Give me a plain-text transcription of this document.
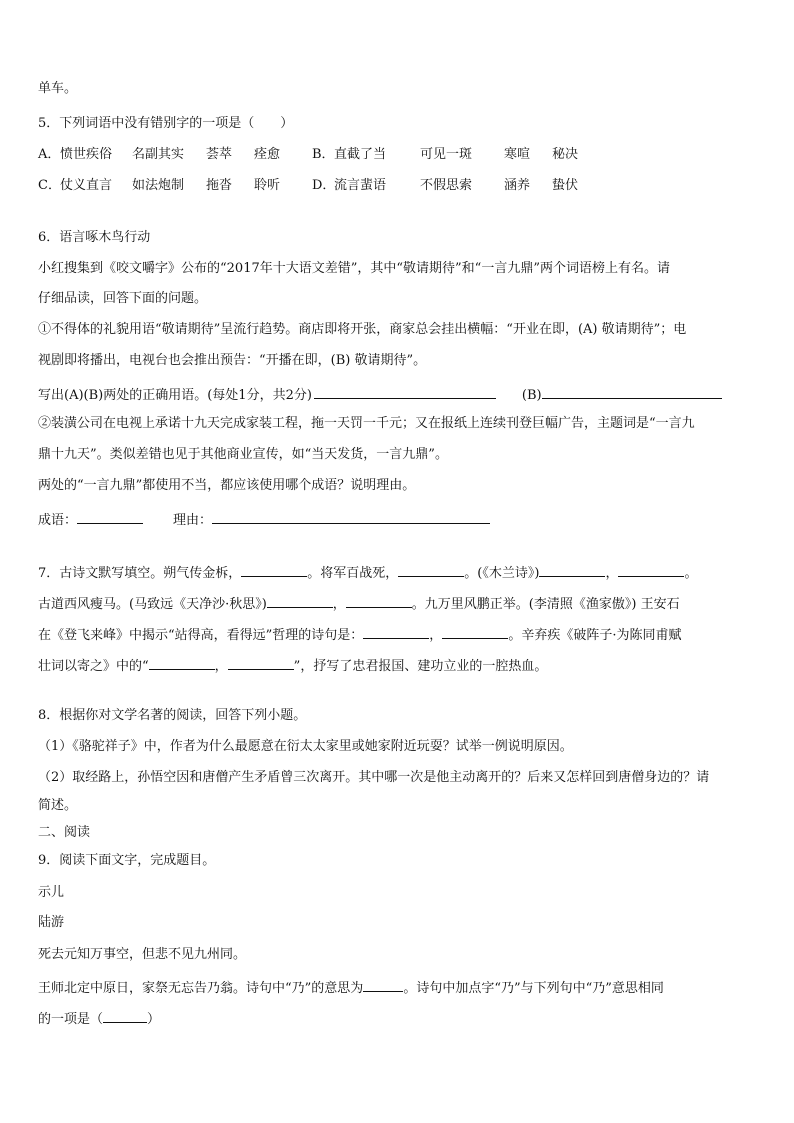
单车。
5．下列词语中没有错别字的一项是（　　）
A．愤世疾俗 名副其实 荟萃 痊愈 B．直截了当	可见一斑 寒喧 秘决
C．仗义直言 如法炮制 拖沓 聆听 D．流言蜚语	不假思索 涵养 蛰伏
6．语言啄木鸟行动
小红搜集到《咬文嚼字》公布的“2017年十大语文差错”，其中“敬请期待”和“一言九鼎”两个词语榜上有名。请
仔细品读，回答下面的问题。
①不得体的礼貌用语“敬请期待”呈流行趋势。商店即将开张，商家总会挂出横幅：“开业在即，(A) 敬请期待”；电
视剧即将播出，电视台也会推出预告：“开播在即，(B) 敬请期待”。
写出(A)(B)两处的正确用语。(每处1分，共2分)	(B)
②装潢公司在电视上承诺十九天完成家装工程，拖一天罚一千元；又在报纸上连续刊登巨幅广告，主题词是“一言九
鼎十九天”。类似差错也见于其他商业宣传，如“当天发货，一言九鼎”。
两处的“一言九鼎”都使用不当，都应该使用哪个成语？说明理由。
成语：	理由：
7．古诗文默写填空。朔气传金柝，	。将军百战死，	。(《木兰诗》)	，	。
古道西风瘦马。(马致远《天净沙·秋思》)	，	。九万里风鹏正举。(李清照《渔家傲》) 王安石
在《登飞来峰》中揭示“站得高，看得远”哲理的诗句是：	，	。辛弃疾《破阵子·为陈同甫赋
壮词以寄之》中的“	，	”，抒写了忠君报国、建功立业的一腔热血。
8．根据你对文学名著的阅读，回答下列小题。
（1）《骆驼祥子》中，作者为什么最愿意在衍太太家里或她家附近玩耍？试举一例说明原因。
（2）取经路上，孙悟空因和唐僧产生矛盾曾三次离开。其中哪一次是他主动离开的？后来又怎样回到唐僧身边的？请
简述。
二、阅读
9．阅读下面文字，完成题目。
示儿
陆游
死去元知万事空，但悲不见九州同。
王师北定中原日，家祭无忘告乃翁。诗句中“乃”的意思为	。诗句中加点字“乃”与下列句中“乃”意思相同
的一项是（	）
